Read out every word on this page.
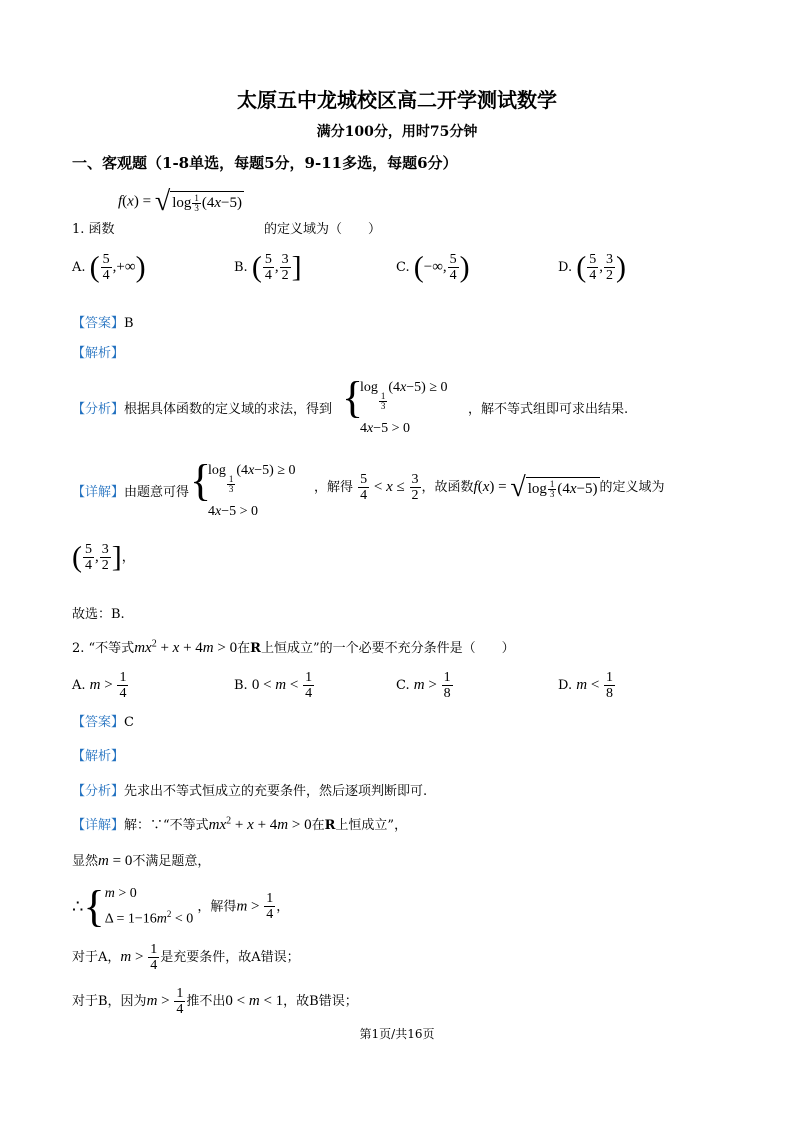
太原五中龙城校区高二开学测试数学
满分100分，用时75分钟
一、客观题（1-8单选，每题5分，9-11多选，每题6分）
f(x) = √ $\log \frac{1}{3} (4$ x −5)
1. 函数	的定义域为（　　）
A. ( $\frac{5}{4}$ ,+∞)	B. ( $\frac{5}{4}$ , $\frac{3}{2}$ ]	C. (−∞, $\frac{5}{4}$ )	D. ( $\frac{5}{4}$ , $\frac{3}{2}$ )
【答案】B
【解析】
【分析】根据具体函数的定义域的求法，得到 {
log
$\frac{1}{3}$
(4x−5) ≥ 0
4x−5 > 0
，解不等式组即可求出结果.
【详解】由题意可得 {
log
$\frac{1}{3}$
(4x−5) ≥ 0
4x−5 > 0
，解得 $\frac{5}{4} < x \le \frac{3}{2}$ ，故函数f(x) = √ $\log \frac{1}{3} (4$ x −5) 的定义域为
( $\frac{5}{4}$ , $\frac{3}{2}$ ]，
故选：B.
2. “不等式$mx^2 + x + 4m > 0$在R上恒成立”的一个必要不充分条件是（　　）
A. $m > \frac{1}{4}$	B. $0 < m < \frac{1}{4}$	C. $m > \frac{1}{8}$	D. $m < \frac{1}{8}$
【答案】C
【解析】
【分析】先求出不等式恒成立的充要条件，然后逐项判断即可.
【详解】解：∵“不等式$mx^2 + x + 4m > 0$在R上恒成立”，
显然m = 0不满足题意，
∴{ m > 0
$\Delta = 1-16m^2 < 0$
，解得$m > \frac{1}{4}$ ，
对于A，$m > \frac{1}{4}$ 是充要条件，故A错误；
对于B，因为$m > \frac{1}{4}$ 推不出0 < m < 1，故B错误；
第1页/共16页
